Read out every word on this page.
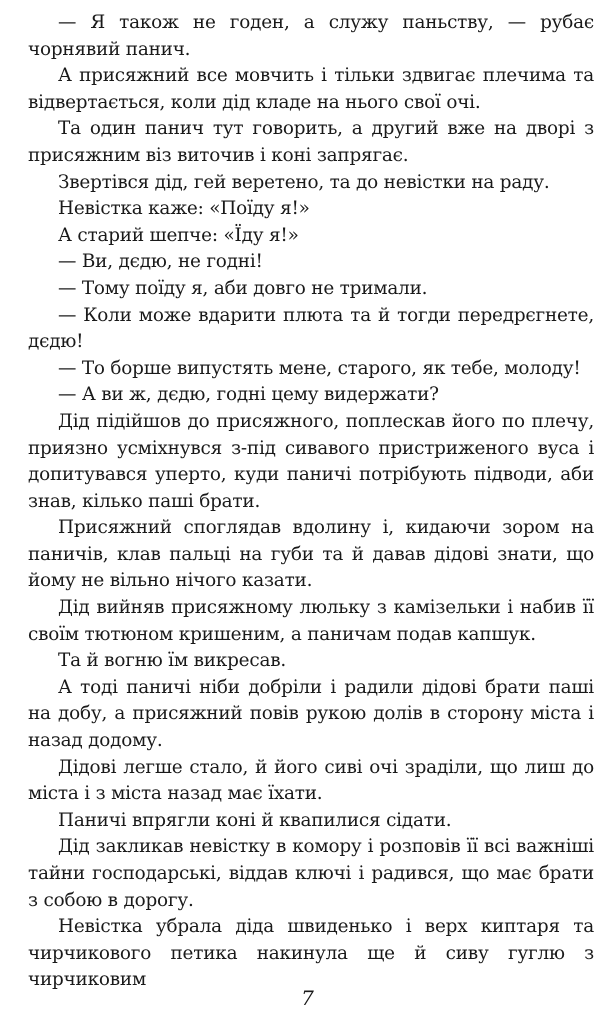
— Я також не годен, а служу паньству, — рубає чорнявий панич.

А присяжний все мовчить і тільки здвигає плечима та відвертається, коли дід кладе на нього свої очі.

Та один панич тут говорить, а другий вже на дворі з присяжним віз виточив і коні запрягає.

Звертівся дід, гей веретено, та до невістки на раду.

Невістка каже: «Поїду я!»

А старий шепче: «Їду я!»

— Ви, дєдю, не годні!

— Тому поїду я, аби довго не тримали.

— Коли може вдарити плюта та й тогди передрєгнете, дєдю!

— То борше випустять мене, старого, як тебе, молоду!

— А ви ж, дєдю, годні цему видержати?

Дід підійшов до присяжного, поплескав його по плечу, приязно усміхнувся з-під сивавого пристриженого вуса і допитувався уперто, куди паничі потрібують підводи, аби знав, кілько паші брати.

Присяжний споглядав вдолину і, кидаючи зором на паничів, клав пальці на губи та й давав дідові знати, що йому не вільно нічого казати.

Дід вийняв присяжному люльку з камізельки і набив її своїм тютюном кришеним, а паничам подав капшук.

Та й вогню їм викресав.

А тоді паничі ніби добріли і радили дідові брати паші на добу, а присяжний повів рукою долів в сторону міста і назад додому.

Дідові легше стало, й його сиві очі зраділи, що лиш до міста і з міста назад має їхати.

Паничі впрягли коні й квапилися сідати.

Дід закликав невістку в комору і розповів її всі важніші тайни господарські, віддав ключі і радився, що має брати з собою в дорогу.

Невістка убрала діда швиденько і верх киптаря та чирчикового петика накинула ще й сиву гуглю з чирчиковим

7
